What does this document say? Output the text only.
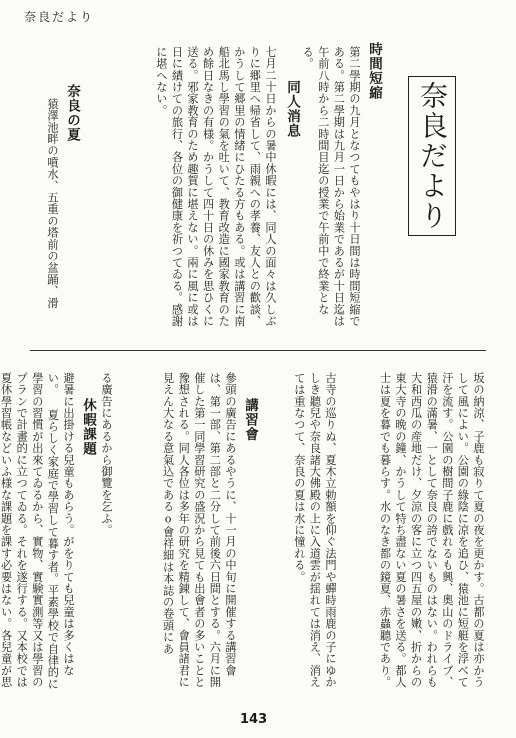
奈良だより
奈良だより
時間短縮
第二學期の九月となつてもやはり十日間は時間短縮である。第二學期は九月一日から始業であるが十日迄は午前八時から二時間目迄の授業で午前中で終業となる。
同人消息
七月二十日からの暑中休暇には、同人の面々は久しぶりに郷里へ帰省して、雨親への孝養、友人との歡談、かうして郷里の情緒にひたる方もある。或は講習に南船北馬し學習の氣を吐いて、教育改造に國家教育のため餘日なきの有様。かうして四十日の休みを思ひくに送る。邪家教育のため趣賀に堪えない。兩に風に或は日に績けての旅行、各位の御健康を祈つてゐる。感謝に堪へない。
奈良の夏
猿澤池畔の噴水、五重の塔前の盆踊、滑
坂の納涼、子鹿も寂りて夏の夜を更かす。古都の夏は亦かうして風によい。公園の綠陰に凉を追ひ、猿池に短艇を浮べて汗を流す。公園の樹間子鹿に戲れるも興、奧山のドライブ、猿滑の滿暑、一として奈良の誇でないものはない。われらも大和西瓜の産地だけ、夕涼の客に立つ四五屋の嫩、折からの東大寺の晩の鐘、かうして特ち盡ない夏の暑さを送る。都人士は夏を暮でも暮らす。水のなき都の鏡夏、赤蟲聽であり。
古寺の巡りぬ、夏木立勅額を仰ぐ法門や蟬時雨鹿の子にゆかしき聽兒や奈良諸大佛殿の上に入道雲が揺れては消え、消えては重なつて、奈良の夏は水に憧れる。
講習會
參頭の廣告にあるやうに、十一月の中旬に開催する講習會は、第一部、第二部と二分して前後六日間とする。六月に開催した第一同學習研究の盛況から見ても出會者の多いことと豫想される。同人各位は多年の研究を精錬して、會員諸君に見えん大なる意氣込であるo會祥細は本誌の卷頭にあ
る廣告にあるから御覽を乞ふ。
休暇課題
避暑に出掛ける兒童もあらう。がをりても兒童は多くはない。 夏らしく家庭で學習して暮す者。平素學校で自律的に學習の習慣が出來てゐるから、實物、實験實測等又は學習のプランで計畫的に立つてゐる。それを遂行する。又本校では夏休學習帳などいふ様な課題を課す必要はない。各兒童が思
143
